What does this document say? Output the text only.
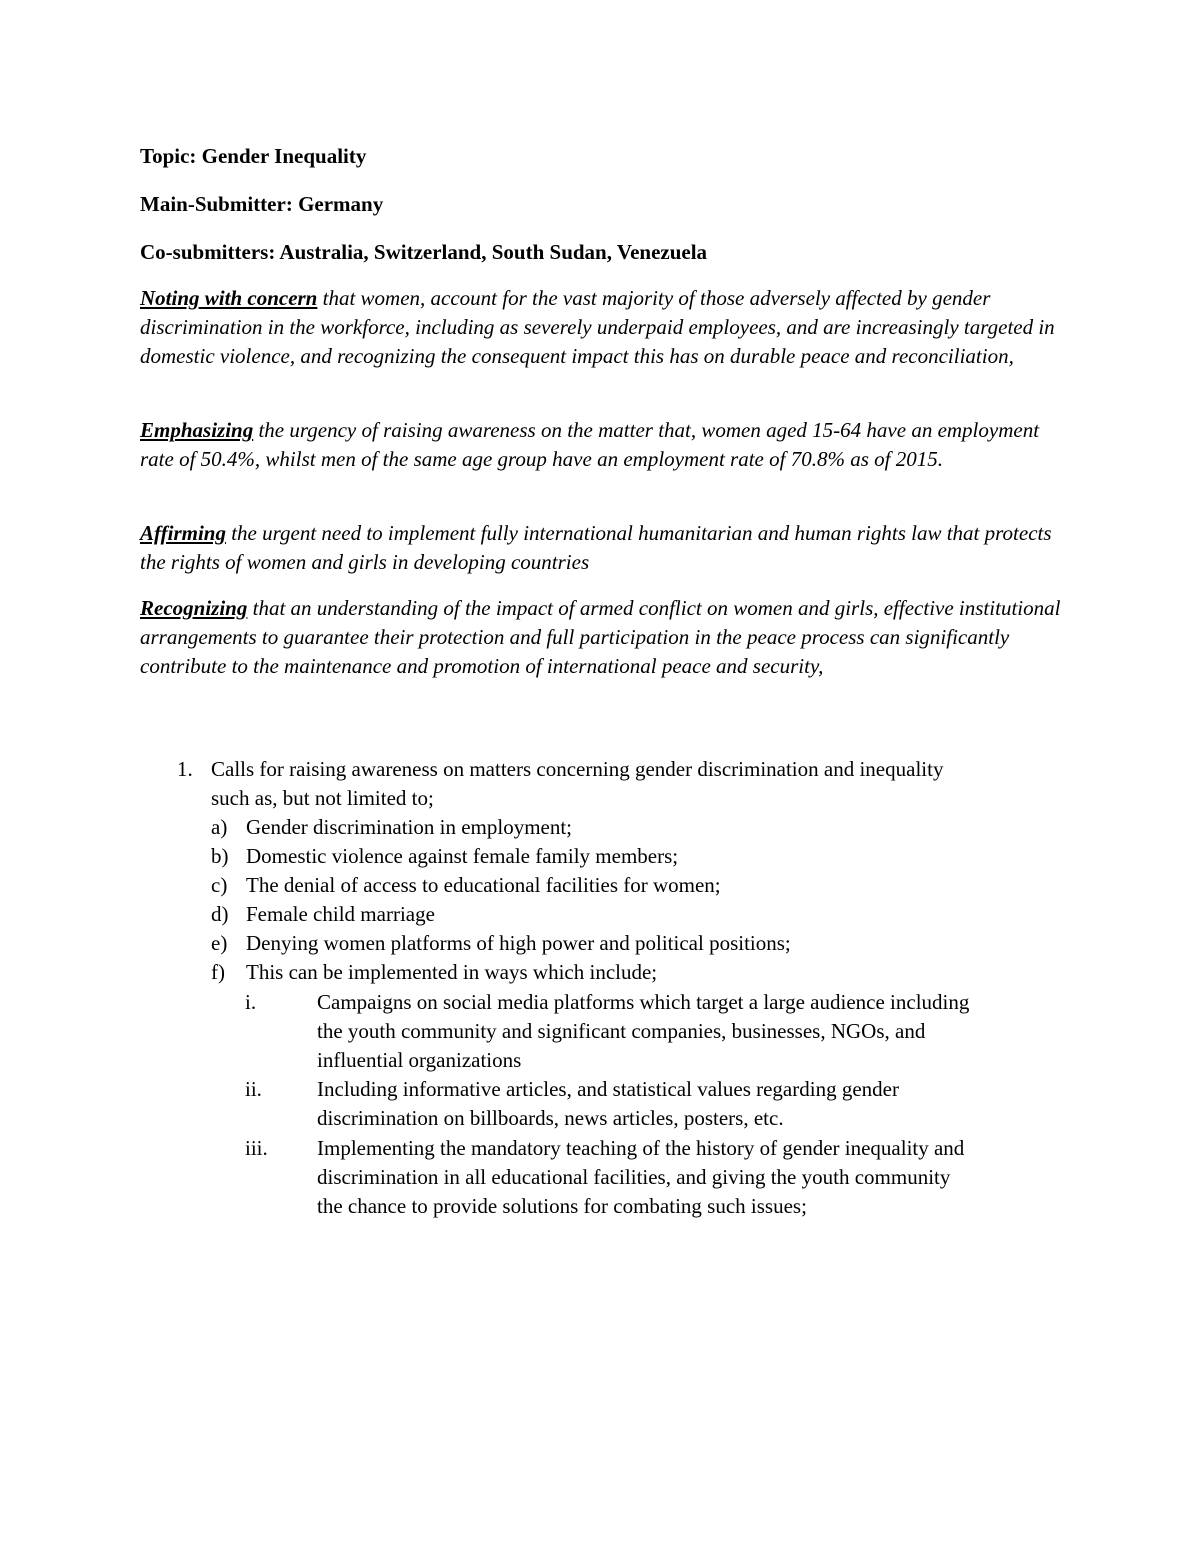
Topic: Gender Inequality
Main-Submitter: Germany
Co-submitters: Australia, Switzerland, South Sudan, Venezuela
Noting with concern that women, account for the vast majority of those adversely affected by gender discrimination in the workforce, including as severely underpaid employees, and are increasingly targeted in domestic violence, and recognizing the consequent impact this has on durable peace and reconciliation,
Emphasizing the urgency of raising awareness on the matter that, women aged 15-64 have an employment rate of 50.4%, whilst men of the same age group have an employment rate of 70.8% as of 2015.
Affirming the urgent need to implement fully international humanitarian and human rights law that protects the rights of women and girls in developing countries
Recognizing that an understanding of the impact of armed conflict on women and girls, effective institutional arrangements to guarantee their protection and full participation in the peace process can significantly contribute to the maintenance and promotion of international peace and security,
1. Calls for raising awareness on matters concerning gender discrimination and inequality
such as, but not limited to;
a) Gender discrimination in employment;
b) Domestic violence against female family members;
c) The denial of access to educational facilities for women;
d) Female child marriage
e) Denying women platforms of high power and political positions;
f) This can be implemented in ways which include;
i.	Campaigns on social media platforms which target a large audience including
the youth community and significant companies, businesses, NGOs, and
influential organizations
ii.	Including informative articles, and statistical values regarding gender
discrimination on billboards, news articles, posters, etc.
iii. Implementing the mandatory teaching of the history of gender inequality and
discrimination in all educational facilities, and giving the youth community
the chance to provide solutions for combating such issues;
